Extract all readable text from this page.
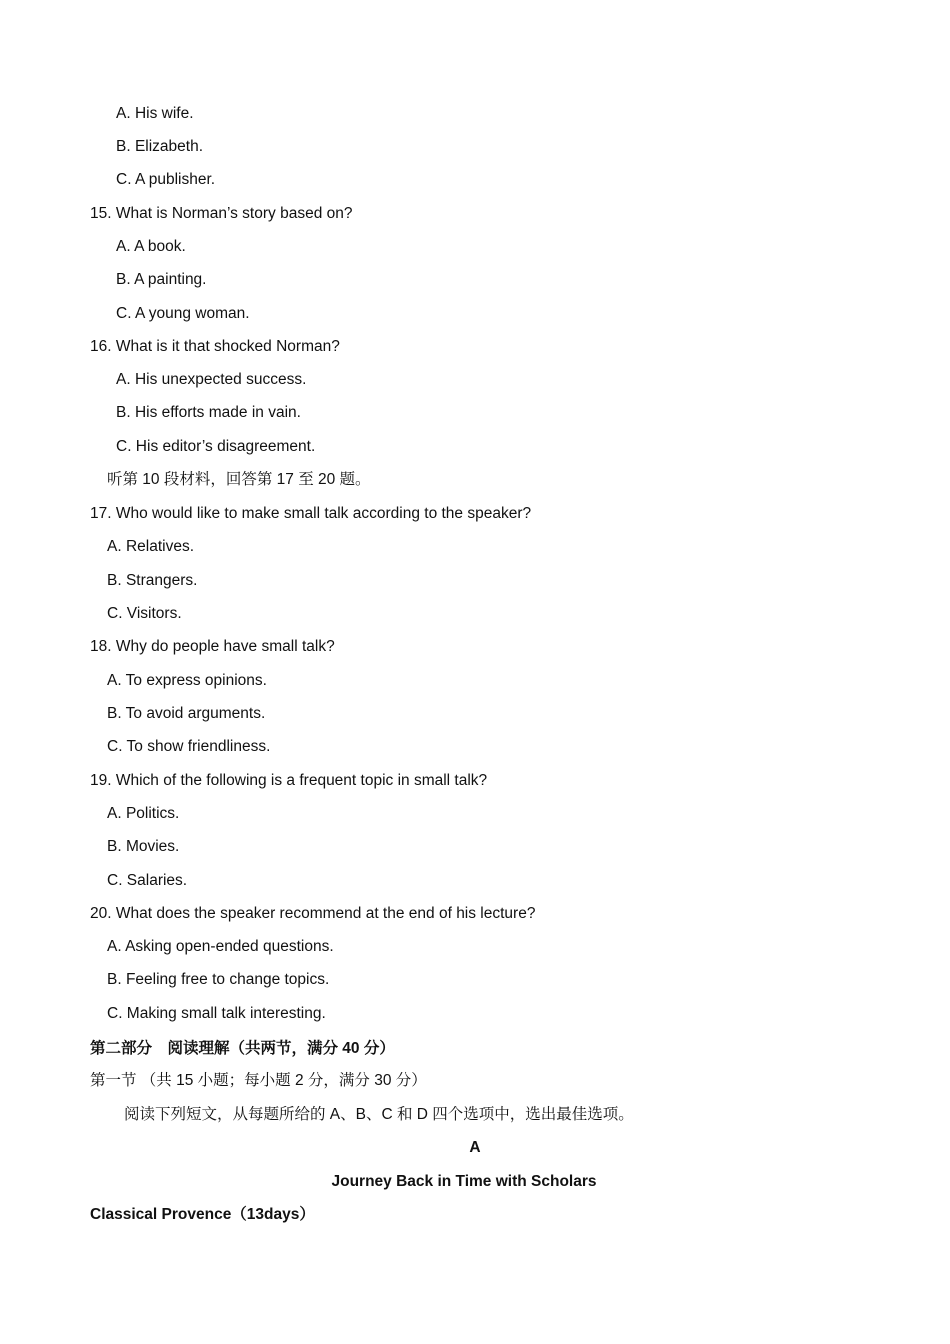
A. His wife.

B. Elizabeth.

C. A publisher.

15. What is Norman’s story based on?

A. A book.

B. A painting.

C. A young woman.

16. What is it that shocked Norman?

A. His unexpected success.

B. His efforts made in vain.

C. His editor’s disagreement.

听第 10 段材料，回答第 17 至 20 题。

17. Who would like to make small talk according to the speaker?

A. Relatives.

B. Strangers.

C. Visitors.

18. Why do people have small talk?

A. To express opinions.

B. To avoid arguments.

C. To show friendliness.

19. Which of the following is a frequent topic in small talk?

A. Politics.

B. Movies.

C. Salaries.

20. What does the speaker recommend at the end of his lecture?

A. Asking open-ended questions.

B. Feeling free to change topics.

C. Making small talk interesting.

第二部分　阅读理解（共两节，满分 40 分）

第一节 （共 15 小题；每小题 2 分，满分 30 分）

阅读下列短文，从每题所给的 A、B、C 和 D 四个选项中，选出最佳选项。

A

Journey Back in Time with Scholars

Classical Provence（13days）
